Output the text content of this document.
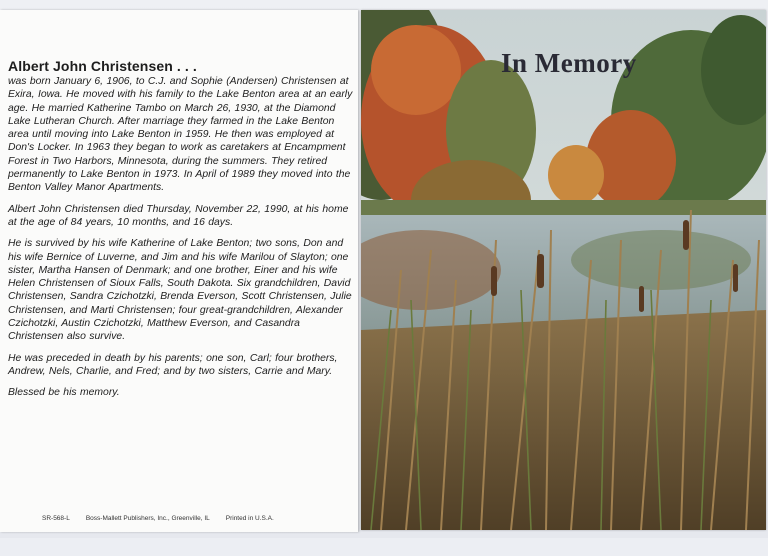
Albert John Christensen . . .

was born January 6, 1906, to C.J. and Sophie (Andersen) Christensen at Exira, Iowa. He moved with his family to the Lake Benton area at an early age. He married Katherine Tambo on March 26, 1930, at the Diamond Lake Lutheran Church. After marriage they farmed in the Lake Benton area until moving into Lake Benton in 1959. He then was employed at Don's Locker. In 1963 they began to work as caretakers at Encampment Forest in Two Harbors, Minnesota, during the summers. They retired permanently to Lake Benton in 1973. In April of 1989 they moved into the Benton Valley Manor Apartments.

Albert John Christensen died Thursday, November 22, 1990, at his home at the age of 84 years, 10 months, and 16 days.

He is survived by his wife Katherine of Lake Benton; two sons, Don and his wife Bernice of Luverne, and Jim and his wife Marilou of Slayton; one sister, Martha Hansen of Denmark; and one brother, Einer and his wife Helen Christensen of Sioux Falls, South Dakota. Six grandchildren, David Christensen, Sandra Czichotzki, Brenda Everson, Scott Christensen, Julie Christensen, and Marti Christensen; four great-grandchildren, Alexander Czichotzki, Austin Czichotzki, Matthew Everson, and Casandra Christensen also survive.

He was preceded in death by his parents; one son, Carl; four brothers, Andrew, Nels, Charlie, and Fred; and by two sisters, Carrie and Mary.

Blessed be his memory.

SR-568-L Boss-Mallett Publishers, Inc., Greenville, IL Printed in U.S.A.
In Memory
